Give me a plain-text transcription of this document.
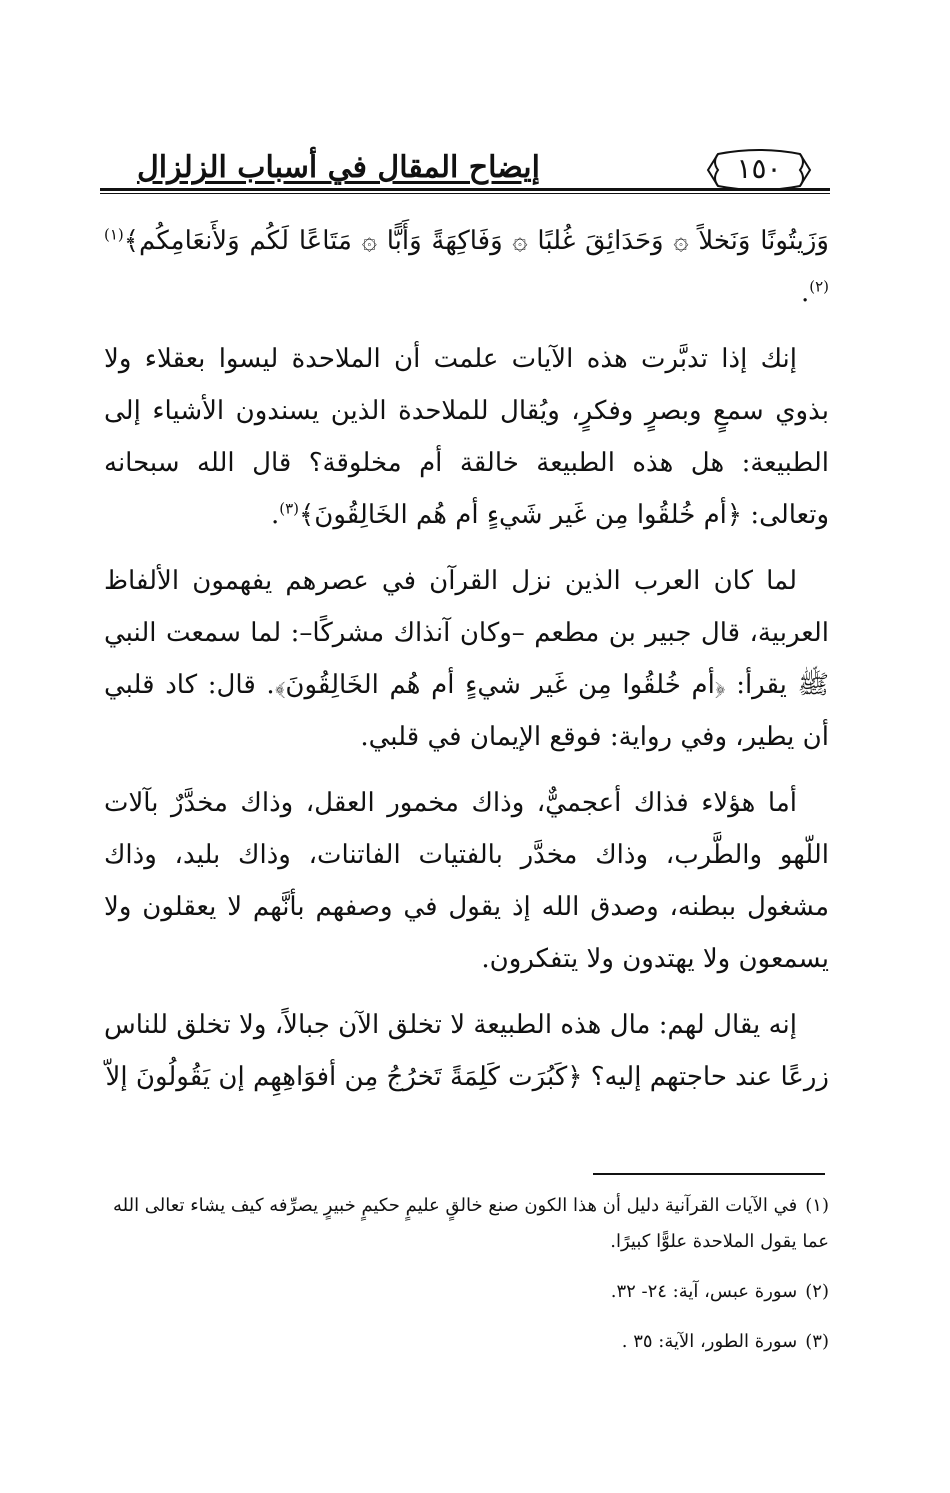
إيضاح المقال في أسباب الزلزال	١٥٠

وَزَيتُونًا وَنَخلاً ۞ وَحَدَائِقَ غُلبًا ۞ وَفَاكِهَةً وَأَبًّا ۞ مَتَاعًا لَكُم وَلأَنعَامِكُم﴾$^{(١) (٢)}$.

إنك إذا تدبَّرت هذه الآيات علمت أن الملاحدة ليسوا بعقلاء ولا بذوي سمعٍ وبصرٍ وفكرٍ، ويُقال للملاحدة الذين يسندون الأشياء إلى الطبيعة: هل هذه الطبيعة خالقة أم مخلوقة؟ قال الله سبحانه وتعالى: ﴿أم خُلقُوا مِن غَير شَيءٍ أم هُم الخَالِقُونَ﴾$^{(٣)}$.

لما كان العرب الذين نزل القرآن في عصرهم يفهمون الألفاظ العربية، قال جبير بن مطعم –وكان آنذاك مشركًا–: لما سمعت النبي ﷺ يقرأ: ﴿أم خُلقُوا مِن غَير شيءٍ أم هُم الخَالِقُونَ﴾. قال: كاد قلبي أن يطير، وفي رواية: فوقع الإيمان في قلبي.

أما هؤلاء فذاك أعجميٌّ، وذاك مخمور العقل، وذاك مخدَّرٌ بآلات اللّهو والطَّرب، وذاك مخدَّر بالفتيات الفاتنات، وذاك بليد، وذاك مشغول ببطنه، وصدق الله إذ يقول في وصفهم بأنَّهم لا يعقلون ولا يسمعون ولا يهتدون ولا يتفكرون.

إنه يقال لهم: مال هذه الطبيعة لا تخلق الآن جبالاً، ولا تخلق للناس زرعًا عند حاجتهم إليه؟ ﴿كَبُرَت كَلِمَةً تَخرُجُ مِن أفوَاهِهِم إن يَقُولُونَ إلاّ

(١)في الآيات القرآنية دليل أن هذا الكون صنع خالقٍ عليمٍ حكيمٍ خبيرٍ يصرِّفه كيف يشاء تعالى الله عما يقول الملاحدة علوًّا كبيرًا.

(٢)سورة عبس، آية: ٢٤- ٣٢.

(٣)سورة الطور، الآية: ٣٥ .
